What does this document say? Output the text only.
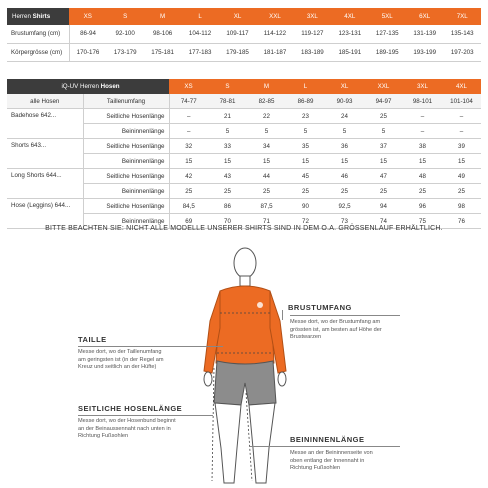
Herren Shirts	XS	S	M	L	XL	XXL	3XL	4XL	5XL	6XL	7XL
Brustumfang (cm)	86-94	92-100	98-106	104-112	109-117	114-122	119-127	123-131	127-135	131-139	135-143
Körpergrösse (cm)	170-176	173-179	175-181	177-183	179-185	181-187	183-189	185-191	189-195	193-199	197-203
iQ-UV Herren Hosen		XS	S	M	L	XL	XXL	3XL	4XL
alle Hosen	Taillenumfang	74-77	78-81	82-85	86-89	90-93	94-97	98-101	101-104
Badehose 642...	Seitliche Hosenlänge	–	21	22	23	24	25	–	–
	Beininnenlänge	–	5	5	5	5	5	–	–
Shorts 643...	Seitliche Hosenlänge	32	33	34	35	36	37	38	39
	Beininnenlänge	15	15	15	15	15	15	15	15
Long Shorts 644...	Seitliche Hosenlänge	42	43	44	45	46	47	48	49
	Beininnenlänge	25	25	25	25	25	25	25	25
Hose (Leggins) 644...	Seitliche Hosenlänge	84,5	86	87,5	90	92,5	94	96	98
	Beininnenlänge	69	70	71	72	73	74	75	76
BITTE BEACHTEN SIE: NICHT ALLE MODELLE UNSERER SHIRTS SIND IN DEM O.A. GRÖSSENLAUF ERHÄLTLICH.
BRUSTUMFANG
Messe dort, wo der Brustumfang am grössten ist, am besten auf Höhe der Brustwarzen
TAILLE
Messe dort, wo der Taillenumfang am geringsten ist (in der Regel am Kreuz und seitlich an der Hüfte)
SEITLICHE HOSENLÄNGE
Messe dort, wo der Hosenbund beginnt an der Beinaussennaht nach unten in Richtung Fußsohlen	BEININNENLÄNGE
Messe an der Beininnenseite von oben entlang der Innennaht in Richtung Fußsohlen
